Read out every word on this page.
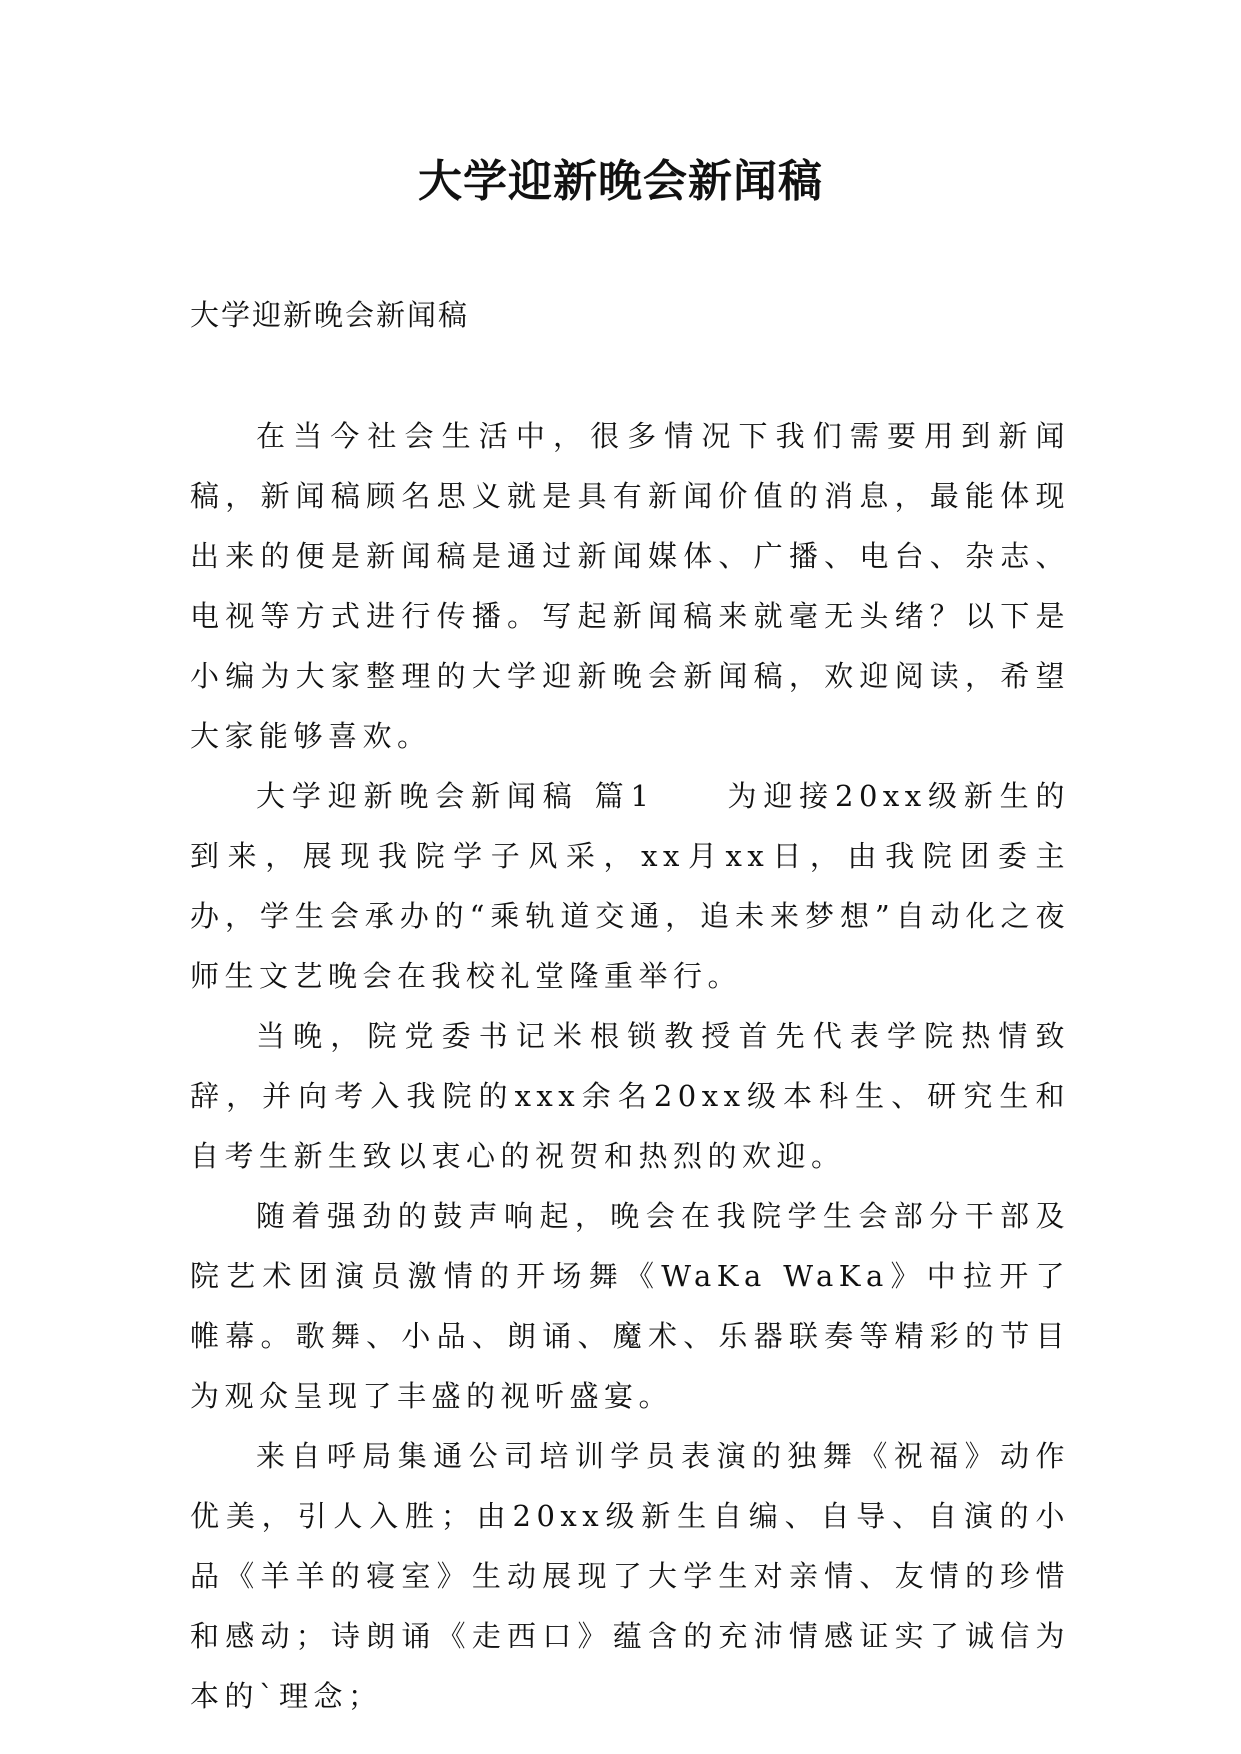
大学迎新晚会新闻稿

大学迎新晚会新闻稿

在当今社会生活中，很多情况下我们需要用到新闻稿，新闻稿顾名思义就是具有新闻价值的消息，最能体现出来的便是新闻稿是通过新闻媒体、广播、电台、杂志、电视等方式进行传播。写起新闻稿来就毫无头绪？以下是小编为大家整理的大学迎新晚会新闻稿，欢迎阅读，希望大家能够喜欢。

大学迎新晚会新闻稿 篇1　　为迎接20xx级新生的到来，展现我院学子风采，xx月xx日，由我院团委主办，学生会承办的“乘轨道交通，追未来梦想”自动化之夜师生文艺晚会在我校礼堂隆重举行。

当晚，院党委书记米根锁教授首先代表学院热情致辞，并向考入我院的xxx余名20xx级本科生、研究生和自考生新生致以衷心的祝贺和热烈的欢迎。

随着强劲的鼓声响起，晚会在我院学生会部分干部及院艺术团演员激情的开场舞《WaKa WaKa》中拉开了帷幕。歌舞、小品、朗诵、魔术、乐器联奏等精彩的节目为观众呈现了丰盛的视听盛宴。

来自呼局集通公司培训学员表演的独舞《祝福》动作优美，引人入胜；由20xx级新生自编、自导、自演的小品《羊羊的寝室》生动展现了大学生对亲情、友情的珍惜和感动；诗朗诵《走西口》蕴含的充沛情感证实了诚信为本的`理念；
